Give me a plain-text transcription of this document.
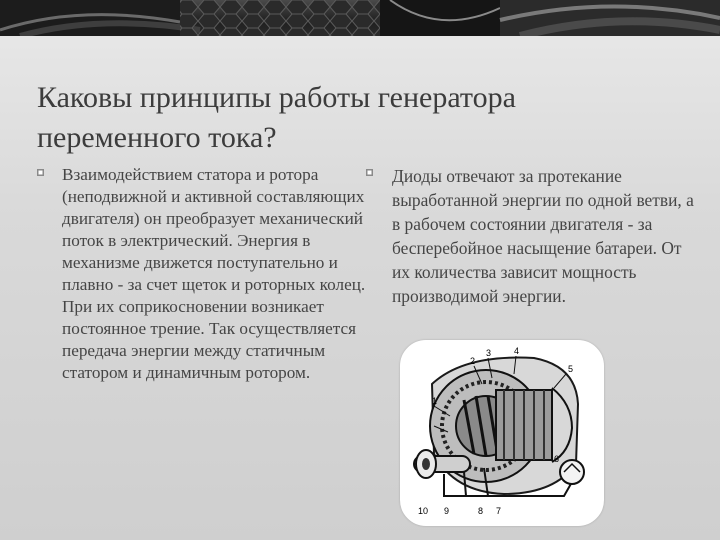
Каковы принципы работы генератора переменного тока?
Взаимодействием статора и ротора (неподвижной и активной составляющих двигателя) он преобразует механический поток в электрический. Энергия в механизме движется поступательно и плавно - за счет щеток и роторных колец. При их соприкосновении возникает постоянное трение. Так осуществляется передача энергии между статичным статором и динамичным ротором.
Диоды отвечают за протекание выработанной энергии по одной ветви, а в рабочем состоянии двигателя - за бесперебойное насыщение батареи. От их количества зависит мощность производимой энергии.
1
2
3	4
5
6
7
8
9
10
